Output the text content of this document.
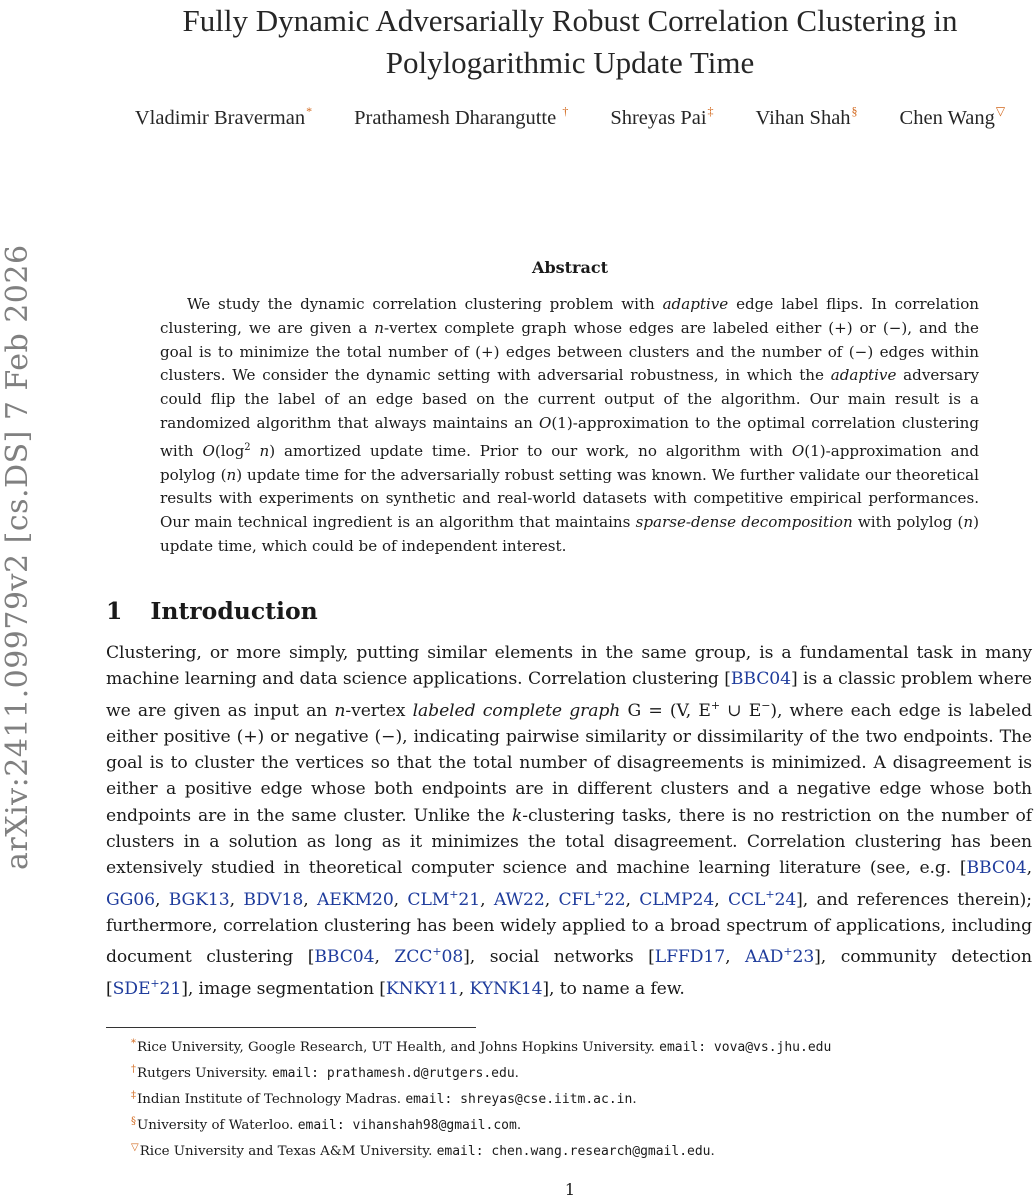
arXiv:2411.09979v2 [cs.DS] 7 Feb 2026
Fully Dynamic Adversarially Robust Correlation Clustering in
Polylogarithmic Update Time
Vladimir Braverman* Prathamesh Dharangutte † Shreyas Pai‡ Vihan Shah§ Chen Wang▽
Abstract

We study the dynamic correlation clustering problem with adaptive edge label flips. In correlation clustering, we are given a n-vertex complete graph whose edges are labeled either (+) or (−), and the goal is to minimize the total number of (+) edges between clusters and the number of (−) edges within clusters. We consider the dynamic setting with adversarial robustness, in which the adaptive adversary could flip the label of an edge based on the current output of the algorithm. Our main result is a randomized algorithm that always maintains an O(1)-approximation to the optimal correlation clustering with $O(\log^2$ n) amortized update time. Prior to our work, no algorithm with O(1)-approximation and polylog (n) update time for the adversarially robust setting was known. We further validate our theoretical results with experiments on synthetic and real-world datasets with competitive empirical performances. Our main technical ingredient is an algorithm that maintains sparse-dense decomposition with polylog (n) update time, which could be of independent interest.

1 Introduction

Clustering, or more simply, putting similar elements in the same group, is a fundamental task in many machine learning and data science applications. Correlation clustering [BBC04] is a classic problem where we are given as input an n-vertex labeled complete graph G = (V, E+ ∪ E−), where each edge is labeled either positive (+) or negative (−), indicating pairwise similarity or dissimilarity of the two endpoints. The goal is to cluster the vertices so that the total number of disagreements is minimized. A disagreement is either a positive edge whose both endpoints are in different clusters and a negative edge whose both endpoints are in the same cluster. Unlike the k-clustering tasks, there is no restriction on the number of clusters in a solution as long as it minimizes the total disagreement. Correlation clustering has been extensively studied in theoretical computer science and machine learning literature (see, e.g. [BBC04, GG06, BGK13, BDV18, AEKM20, CLM+21, AW22, CFL+22, CLMP24, CCL+24], and references therein); furthermore, correlation clustering has been widely applied to a broad spectrum of applications, including document clustering [BBC04, ZCC+08], social networks [LFFD17, AAD+23], community detection [SDE+21], image segmentation [KNKY11, KYNK14], to name a few.

*Rice University, Google Research, UT Health, and Johns Hopkins University. email: vova@vs.jhu.edu
†Rutgers University. email: prathamesh.d@rutgers.edu.
‡Indian Institute of Technology Madras. email: shreyas@cse.iitm.ac.in.
§University of Waterloo. email: vihanshah98@gmail.com.
▽Rice University and Texas A&M University. email: chen.wang.research@gmail.edu.
1
